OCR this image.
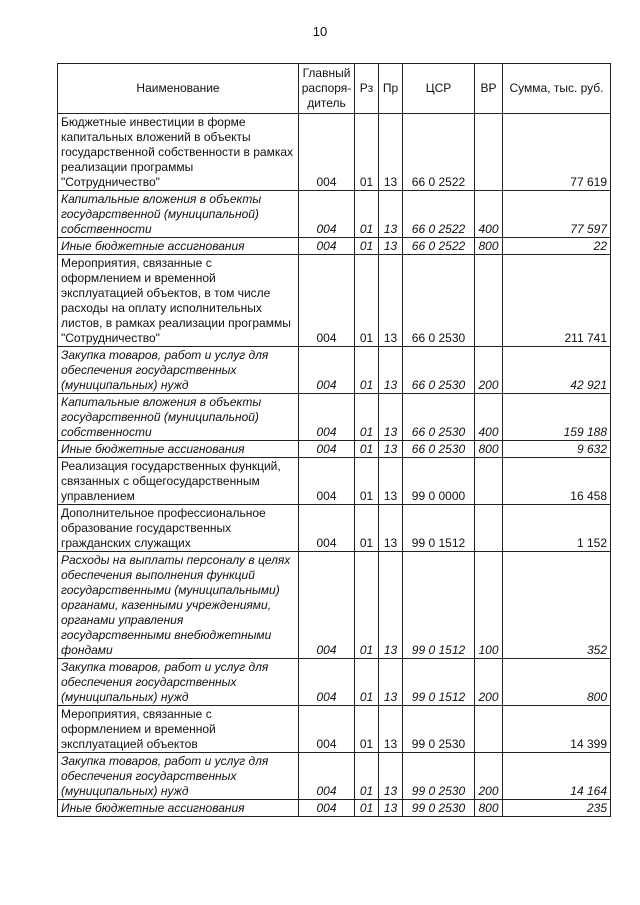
10
Наименование	Главный распоря-дитель	Рз	Пр	ЦСР	ВР	Сумма, тыс. руб.
Бюджетные инвестиции в форме капитальных вложений в объекты государственной собственности в рамках реализации программы "Сотрудничество"	004	01	13	66 0 2522		77 619
Капитальные вложения в объекты государственной (муниципальной) собственности	004	01	13	66 0 2522	400	77 597
Иные бюджетные ассигнования	004	01	13	66 0 2522	800	22
Мероприятия, связанные с оформлением и временной эксплуатацией объектов, в том числе расходы на оплату исполнительных листов, в рамках реализации программы "Сотрудничество"	004	01	13	66 0 2530		211 741
Закупка товаров, работ и услуг для обеспечения государственных (муниципальных) нужд	004	01	13	66 0 2530	200	42 921
Капитальные вложения в объекты государственной (муниципальной) собственности	004	01	13	66 0 2530	400	159 188
Иные бюджетные ассигнования	004	01	13	66 0 2530	800	9 632
Реализация государственных функций, связанных с общегосударственным управлением	004	01	13	99 0 0000		16 458
Дополнительное профессиональное образование государственных гражданских служащих	004	01	13	99 0 1512		1 152
Расходы на выплаты персоналу в целях обеспечения выполнения функций государственными (муниципальными) органами, казенными учреждениями, органами управления государственными внебюджетными фондами	004	01	13	99 0 1512	100	352
Закупка товаров, работ и услуг для обеспечения государственных (муниципальных) нужд	004	01	13	99 0 1512	200	800
Мероприятия, связанные с оформлением и временной эксплуатацией объектов	004	01	13	99 0 2530		14 399
Закупка товаров, работ и услуг для обеспечения государственных (муниципальных) нужд	004	01	13	99 0 2530	200	14 164
Иные бюджетные ассигнования	004	01	13	99 0 2530	800	235
